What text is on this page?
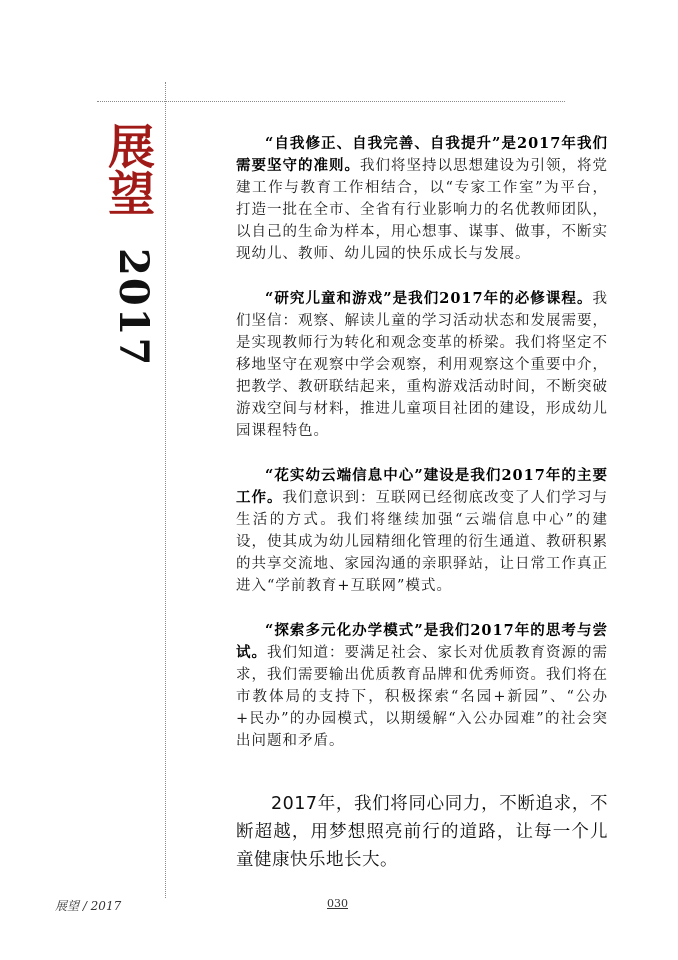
展望
2017

“自我修正、自我完善、自我提升”是2017年我们需要坚守的准则。我们将坚持以思想建设为引领，将党建工作与教育工作相结合，以“专家工作室”为平台，打造一批在全市、全省有行业影响力的名优教师团队，以自己的生命为样本，用心想事、谋事、做事，不断实现幼儿、教师、幼儿园的快乐成长与发展。

“研究儿童和游戏”是我们2017年的必修课程。我们坚信：观察、解读儿童的学习活动状态和发展需要，是实现教师行为转化和观念变革的桥梁。我们将坚定不移地坚守在观察中学会观察，利用观察这个重要中介，把教学、教研联结起来，重构游戏活动时间，不断突破游戏空间与材料，推进儿童项目社团的建设，形成幼儿园课程特色。

“花实幼云端信息中心”建设是我们2017年的主要工作。我们意识到：互联网已经彻底改变了人们学习与生活的方式。我们将继续加强“云端信息中心”的建设，使其成为幼儿园精细化管理的衍生通道、教研积累的共享交流地、家园沟通的亲职驿站，让日常工作真正进入“学前教育+互联网”模式。

“探索多元化办学模式”是我们2017年的思考与尝试。我们知道：要满足社会、家长对优质教育资源的需求，我们需要输出优质教育品牌和优秀师资。我们将在市教体局的支持下，积极探索“名园+新园”、“公办+民办”的办园模式，以期缓解“入公办园难”的社会突出问题和矛盾。

2017年，我们将同心同力，不断追求，不断超越，用梦想照亮前行的道路，让每一个儿童健康快乐地长大。

展望 / 2017	030
